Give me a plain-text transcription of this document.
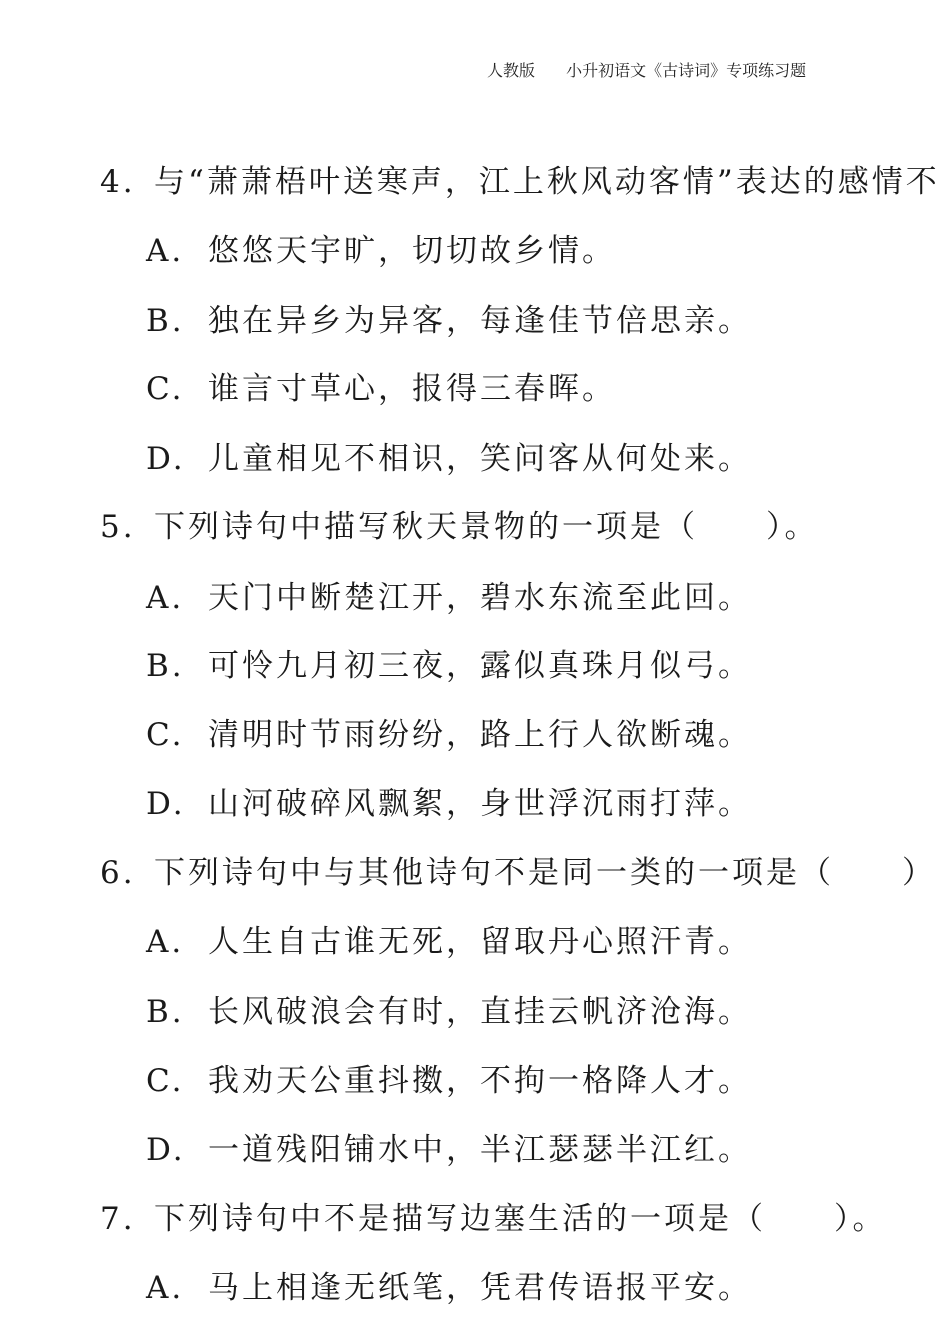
人教版 小升初语文《古诗词》专项练习题
4. 与“萧萧梧叶送寒声，江上秋风动客情”表达的感情不
A. 悠悠天宇旷，切切故乡情。
B. 独在异乡为异客，每逢佳节倍思亲。
C. 谁言寸草心，报得三春晖。
D. 儿童相见不相识，笑问客从何处来。
5. 下列诗句中描写秋天景物的一项是（　　）。
A. 天门中断楚江开，碧水东流至此回。
B. 可怜九月初三夜，露似真珠月似弓。
C. 清明时节雨纷纷，路上行人欲断魂。
D. 山河破碎风飘絮，身世浮沉雨打萍。
6. 下列诗句中与其他诗句不是同一类的一项是（　　）
A. 人生自古谁无死，留取丹心照汗青。
B. 长风破浪会有时，直挂云帆济沧海。
C. 我劝天公重抖擞，不拘一格降人才。
D. 一道残阳铺水中，半江瑟瑟半江红。
7. 下列诗句中不是描写边塞生活的一项是（　　）。
A. 马上相逢无纸笔，凭君传语报平安。
